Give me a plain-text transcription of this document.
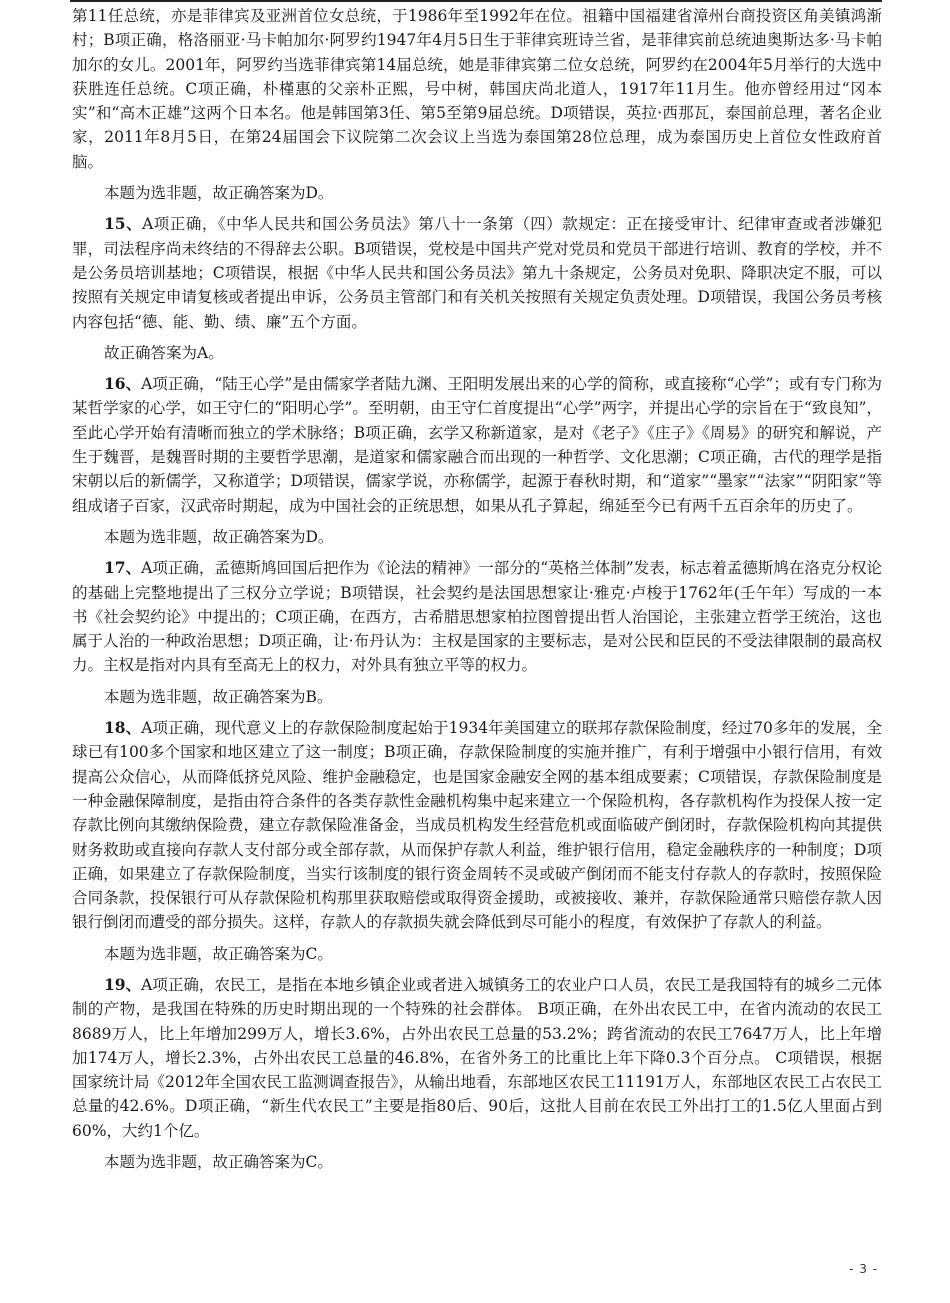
第11任总统，亦是菲律宾及亚洲首位女总统，于1986年至1992年在位。祖籍中国福建省漳州台商投资区角美镇鸿渐村；B项正确，格洛丽亚·马卡帕加尔·阿罗约1947年4月5日生于菲律宾班诗兰省，是菲律宾前总统迪奥斯达多·马卡帕加尔的女儿。2001年，阿罗约当选菲律宾第14届总统，她是菲律宾第二位女总统，阿罗约在2004年5月举行的大选中获胜连任总统。C项正确，朴槿惠的父亲朴正熙，号中树，韩国庆尚北道人，1917年11月生。他亦曾经用过“冈本实”和“高木正雄”这两个日本名。他是韩国第3任、第5至第9届总统。D项错误，英拉·西那瓦，泰国前总理，著名企业家，2011年8月5日，在第24届国会下议院第二次会议上当选为泰国第28位总理，成为泰国历史上首位女性政府首脑。

本题为选非题，故正确答案为D。

15、A项正确，《中华人民共和国公务员法》第八十一条第（四）款规定：正在接受审计、纪律审查或者涉嫌犯罪，司法程序尚未终结的不得辞去公职。B项错误，党校是中国共产党对党员和党员干部进行培训、教育的学校，并不是公务员培训基地；C项错误，根据《中华人民共和国公务员法》第九十条规定，公务员对免职、降职决定不服，可以按照有关规定申请复核或者提出申诉，公务员主管部门和有关机关按照有关规定负责处理。D项错误，我国公务员考核内容包括“德、能、勤、绩、廉”五个方面。

故正确答案为A。

16、A项正确，“陆王心学”是由儒家学者陆九渊、王阳明发展出来的心学的简称，或直接称“心学”；或有专门称为某哲学家的心学，如王守仁的“阳明心学”。至明朝，由王守仁首度提出“心学”两字，并提出心学的宗旨在于“致良知”，至此心学开始有清晰而独立的学术脉络；B项正确，玄学又称新道家，是对《老子》《庄子》《周易》的研究和解说，产生于魏晋，是魏晋时期的主要哲学思潮，是道家和儒家融合而出现的一种哲学、文化思潮；C项正确，古代的理学是指宋朝以后的新儒学，又称道学；D项错误，儒家学说，亦称儒学，起源于春秋时期，和“道家”“墨家”“法家”“阴阳家”等组成诸子百家，汉武帝时期起，成为中国社会的正统思想，如果从孔子算起，绵延至今已有两千五百余年的历史了。

本题为选非题，故正确答案为D。

17、A项正确，孟德斯鸠回国后把作为《论法的精神》一部分的“英格兰体制”发表，标志着孟德斯鸠在洛克分权论的基础上完整地提出了三权分立学说；B项错误，社会契约是法国思想家让·雅克·卢梭于1762年(壬午年）写成的一本书《社会契约论》中提出的；C项正确，在西方，古希腊思想家柏拉图曾提出哲人治国论，主张建立哲学王统治，这也属于人治的一种政治思想；D项正确，让·布丹认为：主权是国家的主要标志，是对公民和臣民的不受法律限制的最高权力。主权是指对内具有至高无上的权力，对外具有独立平等的权力。

本题为选非题，故正确答案为B。

18、A项正确，现代意义上的存款保险制度起始于1934年美国建立的联邦存款保险制度，经过70多年的发展，全球已有100多个国家和地区建立了这一制度；B项正确，存款保险制度的实施并推广，有利于增强中小银行信用，有效提高公众信心，从而降低挤兑风险、维护金融稳定，也是国家金融安全网的基本组成要素；C项错误，存款保险制度是一种金融保障制度，是指由符合条件的各类存款性金融机构集中起来建立一个保险机构，各存款机构作为投保人按一定存款比例向其缴纳保险费，建立存款保险准备金，当成员机构发生经营危机或面临破产倒闭时，存款保险机构向其提供财务救助或直接向存款人支付部分或全部存款，从而保护存款人利益，维护银行信用，稳定金融秩序的一种制度；D项正确，如果建立了存款保险制度，当实行该制度的银行资金周转不灵或破产倒闭而不能支付存款人的存款时，按照保险合同条款，投保银行可从存款保险机构那里获取赔偿或取得资金援助，或被接收、兼并，存款保险通常只赔偿存款人因银行倒闭而遭受的部分损失。这样，存款人的存款损失就会降低到尽可能小的程度，有效保护了存款人的利益。

本题为选非题，故正确答案为C。

19、A项正确，农民工，是指在本地乡镇企业或者进入城镇务工的农业户口人员，农民工是我国特有的城乡二元体制的产物，是我国在特殊的历史时期出现的一个特殊的社会群体。 B项正确，在外出农民工中，在省内流动的农民工8689万人，比上年增加299万人，增长3.6%，占外出农民工总量的53.2%；跨省流动的农民工7647万人，比上年增加174万人，增长2.3%，占外出农民工总量的46.8%，在省外务工的比重比上年下降0.3个百分点。 C项错误，根据国家统计局《2012年全国农民工监测调查报告》，从输出地看，东部地区农民工11191万人，东部地区农民工占农民工总量的42.6%。D项正确，“新生代农民工”主要是指80后、90后，这批人目前在农民工外出打工的1.5亿人里面占到60%，大约1个亿。

本题为选非题，故正确答案为C。

- 3 -
